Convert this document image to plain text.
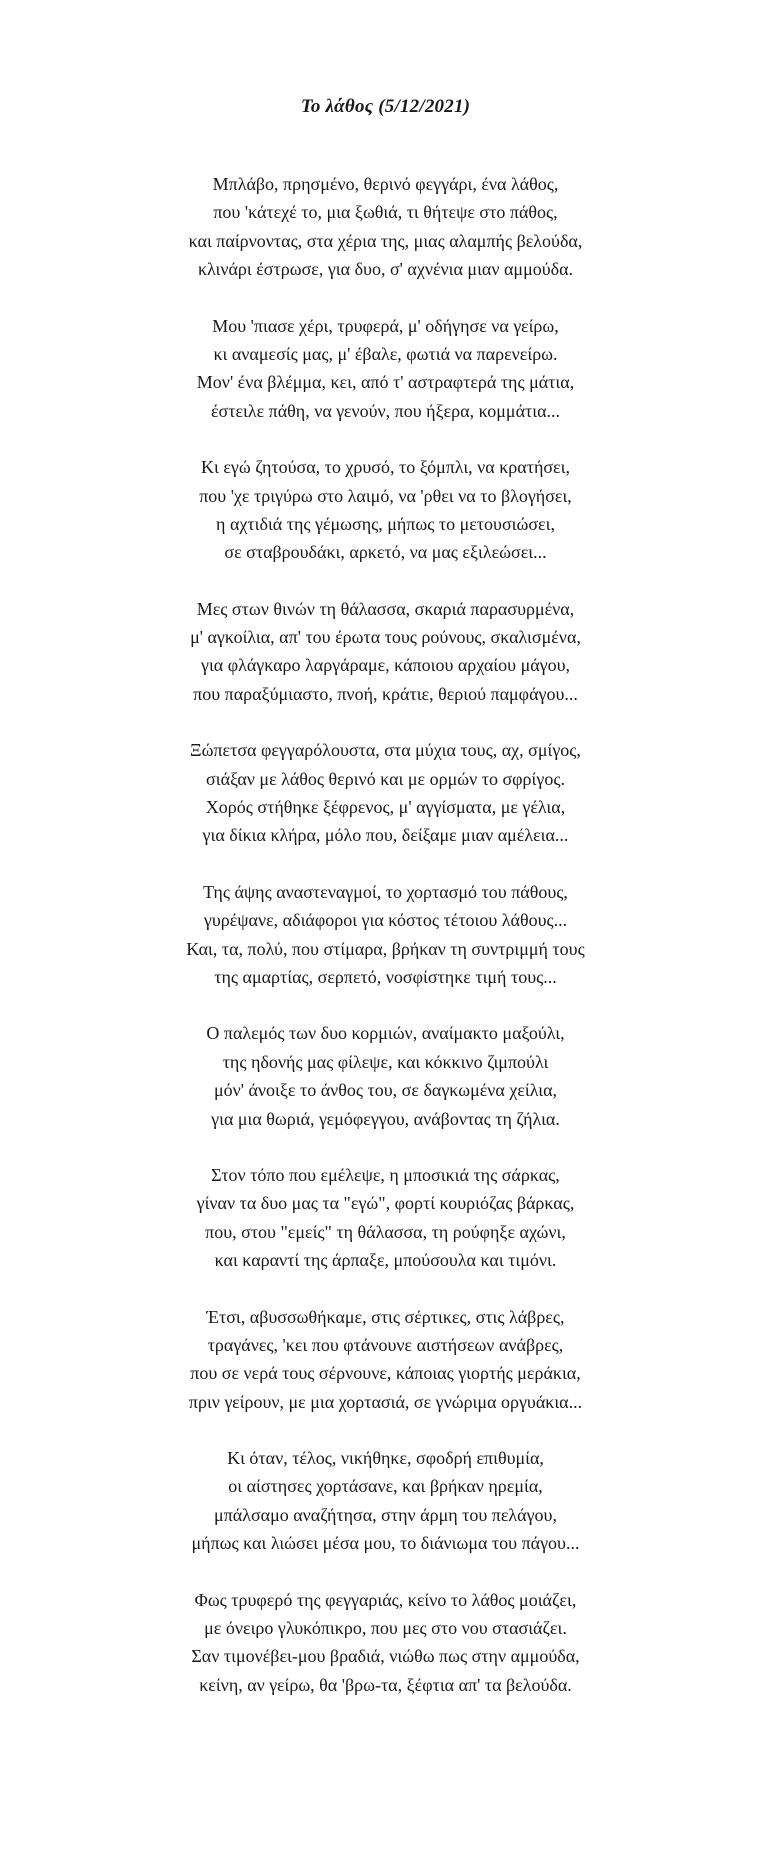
Το λάθος (5/12/2021)
Μπλάβο, πρησμένο, θερινό φεγγάρι, ένα λάθος,
που 'κάτεχέ το, μια ξωθιά, τι θήτεψε στο πάθος,
και παίρνοντας, στα χέρια της, μιας αλαμπής βελούδα,
κλινάρι έστρωσε, για δυο, σ' αχνένια μιαν αμμούδα.
Μου 'πιασε χέρι, τρυφερά, μ' οδήγησε να γείρω,
κι αναμεσίς μας, μ' έβαλε, φωτιά να παρενείρω.
Μον' ένα βλέμμα, κει, από τ' αστραφτερά της μάτια,
έστειλε πάθη, να γενούν, που ήξερα, κομμάτια...
Κι εγώ ζητούσα, το χρυσό, το ξόμπλι, να κρατήσει,
που 'χε τριγύρω στο λαιμό, να 'ρθει να το βλογήσει,
η αχτιδιά της γέμωσης, μήπως το μετουσιώσει,
σε σταβρουδάκι, αρκετό, να μας εξιλεώσει...
Μες στων θινών τη θάλασσα, σκαριά παρασυρμένα,
μ' αγκοίλια, απ' του έρωτα τους ρούνους, σκαλισμένα,
για φλάγκαρο λαργάραμε, κάποιου αρχαίου μάγου,
που παραξύμιαστο, πνοή, κράτιε, θεριού παμφάγου...
Ξώπετσα φεγγαρόλουστα, στα μύχια τους, αχ, σμίγος,
σιάξαν με λάθος θερινό και με ορμών το σφρίγος.
Χορός στήθηκε ξέφρενος, μ' αγγίσματα, με γέλια,
για δίκια κλήρα, μόλο που, δείξαμε μιαν αμέλεια...
Της άψης αναστεναγμοί, το χορτασμό του πάθους,
γυρέψανε, αδιάφοροι για κόστος τέτοιου λάθους...
Και, τα, πολύ, που στίμαρα, βρήκαν τη συντριμμή τους
της αμαρτίας, σερπετό, νοσφίστηκε τιμή τους...
Ο παλεμός των δυο κορμιών, αναίμακτο μαξούλι,
της ηδονής μας φίλεψε, και κόκκινο ζιμπούλι
μόν' άνοιξε το άνθος του, σε δαγκωμένα χείλια,
για μια θωριά, γεμόφεγγου, ανάβοντας τη ζήλια.
Στον τόπο που εμέλεψε, η μποσικιά της σάρκας,
γίναν τα δυο μας τα "εγώ", φορτί κουριόζας βάρκας,
που, στου "εμείς" τη θάλασσα, τη ρούφηξε αχώνι,
και καραντί της άρπαξε, μπούσουλα και τιμόνι.
Έτσι, αβυσσωθήκαμε, στις σέρτικες, στις λάβρες,
τραγάνες, 'κει που φτάνουνε αιστήσεων ανάβρες,
που σε νερά τους σέρνουνε, κάποιας γιορτής μεράκια,
πριν γείρουν, με μια χορτασιά, σε γνώριμα οργυάκια...
Κι όταν, τέλος, νικήθηκε, σφοδρή επιθυμία,
οι αίστησες χορτάσανε, και βρήκαν ηρεμία,
μπάλσαμο αναζήτησα, στην άρμη του πελάγου,
μήπως και λιώσει μέσα μου, το διάνιωμα του πάγου...
Φως τρυφερό της φεγγαριάς, κείνο το λάθος μοιάζει,
με όνειρο γλυκόπικρο, που μες στο νου στασιάζει.
Σαν τιμονέβει-μου βραδιά, νιώθω πως στην αμμούδα,
κείνη, αν γείρω, θα 'βρω-τα, ξέφτια απ' τα βελούδα.
